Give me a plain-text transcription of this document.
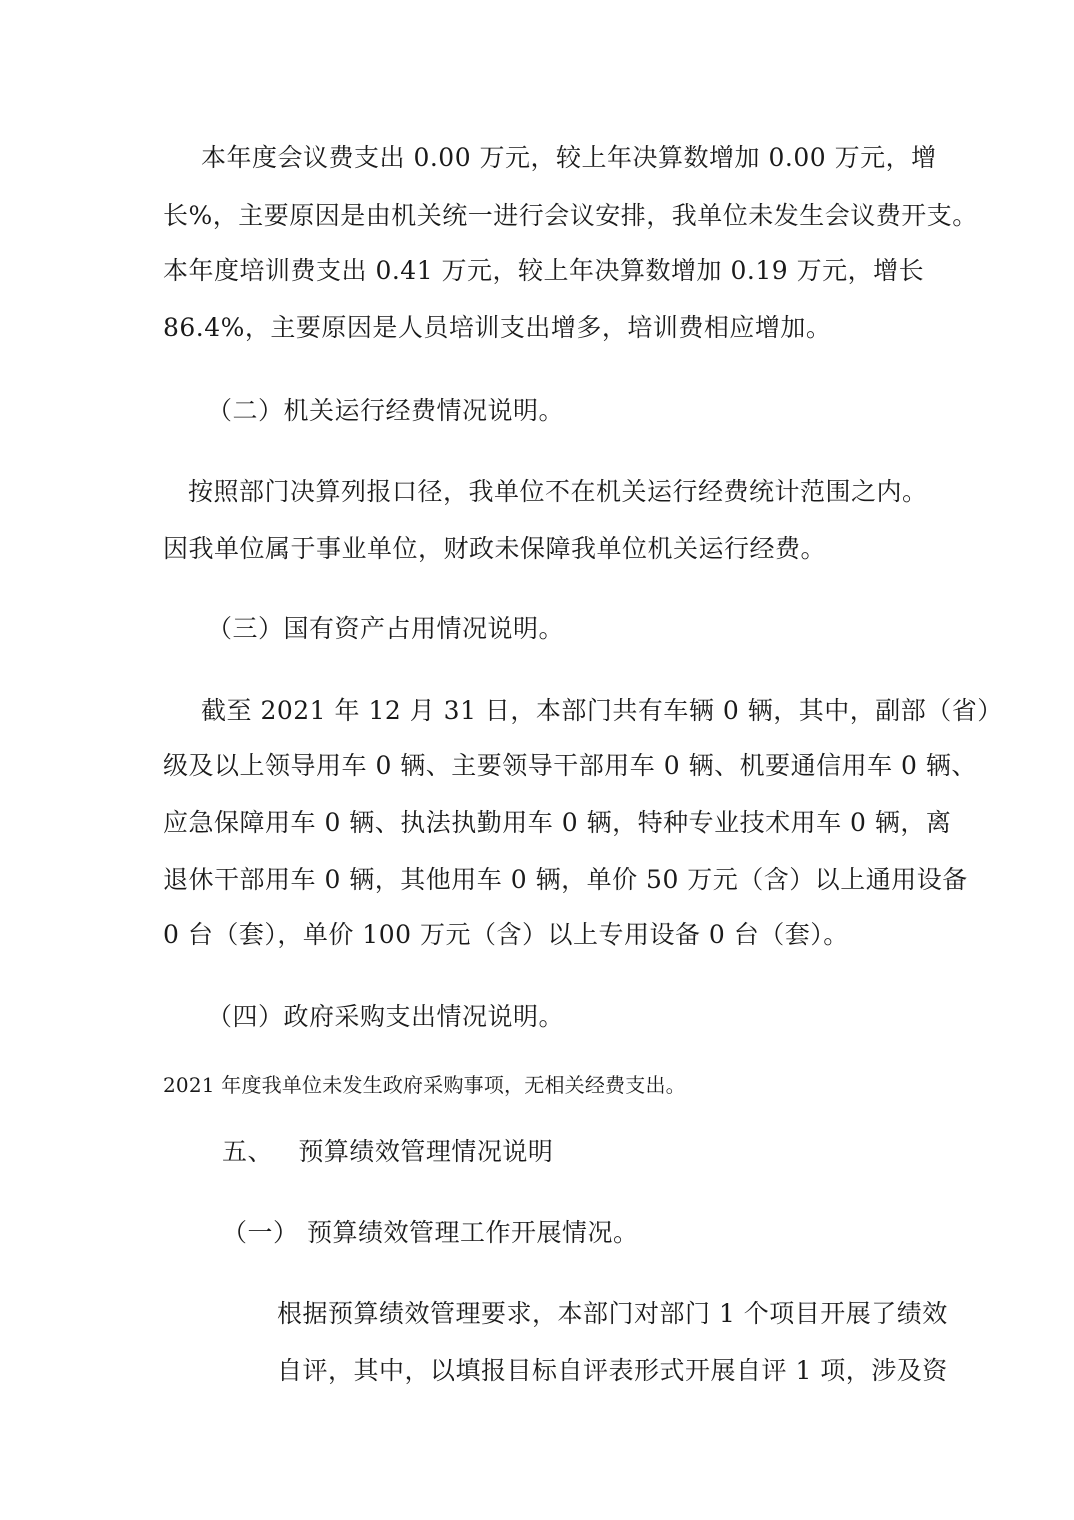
本年度会议费支出 0.00 万元，较上年决算数增加 0.00 万元，增
长%，主要原因是由机关统一进行会议安排，我单位未发生会议费开支。
本年度培训费支出 0.41 万元，较上年决算数增加 0.19 万元，增长
86.4%，主要原因是人员培训支出增多，培训费相应增加。
（二）机关运行经费情况说明。
按照部门决算列报口径，我单位不在机关运行经费统计范围之内。
因我单位属于事业单位，财政未保障我单位机关运行经费。
（三）国有资产占用情况说明。
截至 2021 年 12 月 31 日，本部门共有车辆 0 辆，其中，副部（省）
级及以上领导用车 0 辆、主要领导干部用车 0 辆、机要通信用车 0 辆、
应急保障用车 0 辆、执法执勤用车 0 辆，特种专业技术用车 0 辆，离
退休干部用车 0 辆，其他用车 0 辆，单价 50 万元（含）以上通用设备
0 台（套），单价 100 万元（含）以上专用设备 0 台（套）。
（四）政府采购支出情况说明。
2021 年度我单位未发生政府采购事项，无相关经费支出。
五、   预算绩效管理情况说明
（一） 预算绩效管理工作开展情况。
根据预算绩效管理要求，本部门对部门 1 个项目开展了绩效
自评，其中，以填报目标自评表形式开展自评 1 项，涉及资
